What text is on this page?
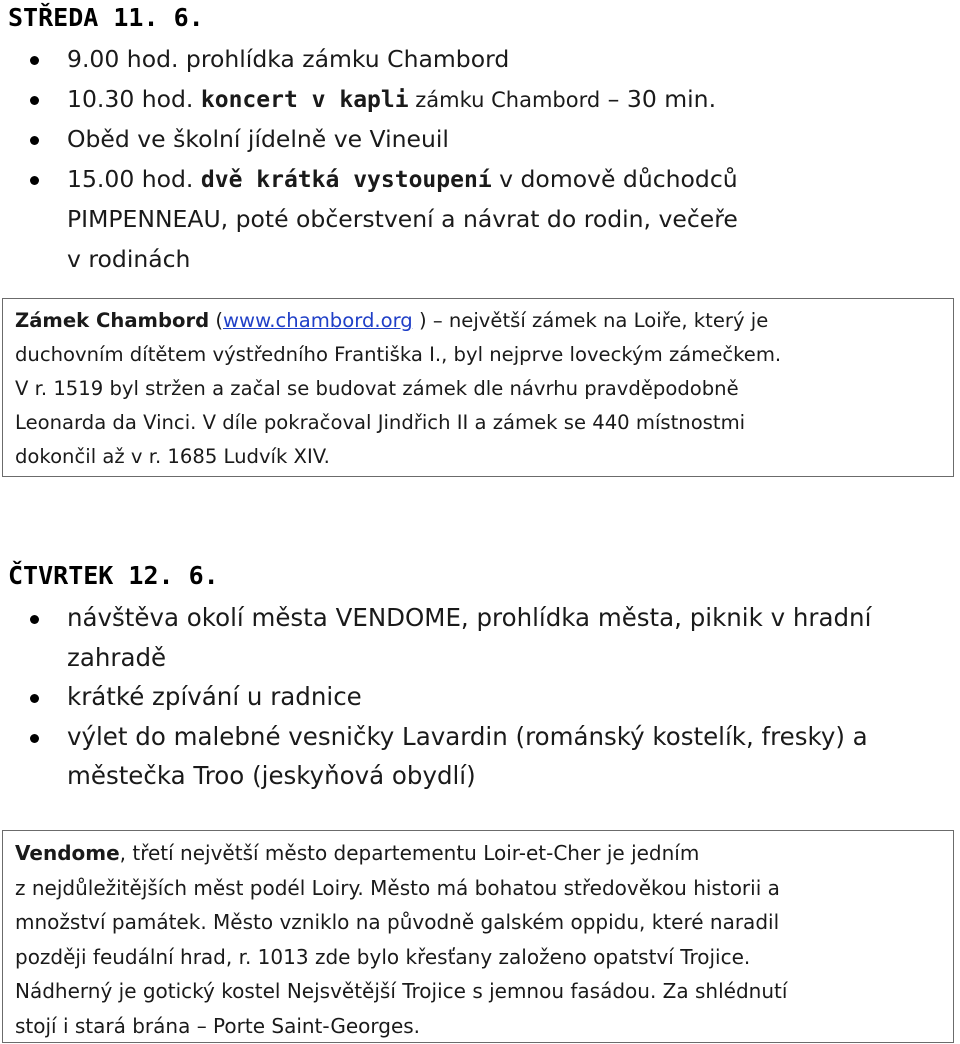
STŘEDA 11. 6.
9.00 hod. prohlídka zámku Chambord
10.30 hod. koncert v kapli zámku Chambord – 30 min.
Oběd ve školní jídelně ve Vineuil
15.00 hod. dvě krátká vystoupení v domově důchodců
PIMPENNEAU, poté občerstvení a návrat do rodin, večeře
v rodinách
Zámek Chambord (www.chambord.org ) – největší zámek na Loiře, který je
duchovním dítětem výstředního Františka I., byl nejprve loveckým zámečkem.
V r. 1519 byl stržen a začal se budovat zámek dle návrhu pravděpodobně
Leonarda da Vinci. V díle pokračoval Jindřich II a zámek se 440 místnostmi
dokončil až v r. 1685 Ludvík XIV.
ČTVRTEK 12. 6.
návštěva okolí města VENDOME, prohlídka města, piknik v hradní
zahradě
krátké zpívání u radnice
výlet do malebné vesničky Lavardin (románský kostelík, fresky) a
městečka Troo (jeskyňová obydlí)
Vendome, třetí největší město departementu Loir-et-Cher je jedním
z nejdůležitějších měst podél Loiry. Město má bohatou středověkou historii a
množství památek. Město vzniklo na původně galském oppidu, které naradil
později feudální hrad, r. 1013 zde bylo křesťany založeno opatství Trojice.
Nádherný je gotický kostel Nejsvětější Trojice s jemnou fasádou. Za shlédnutí
stojí i stará brána – Porte Saint-Georges.
